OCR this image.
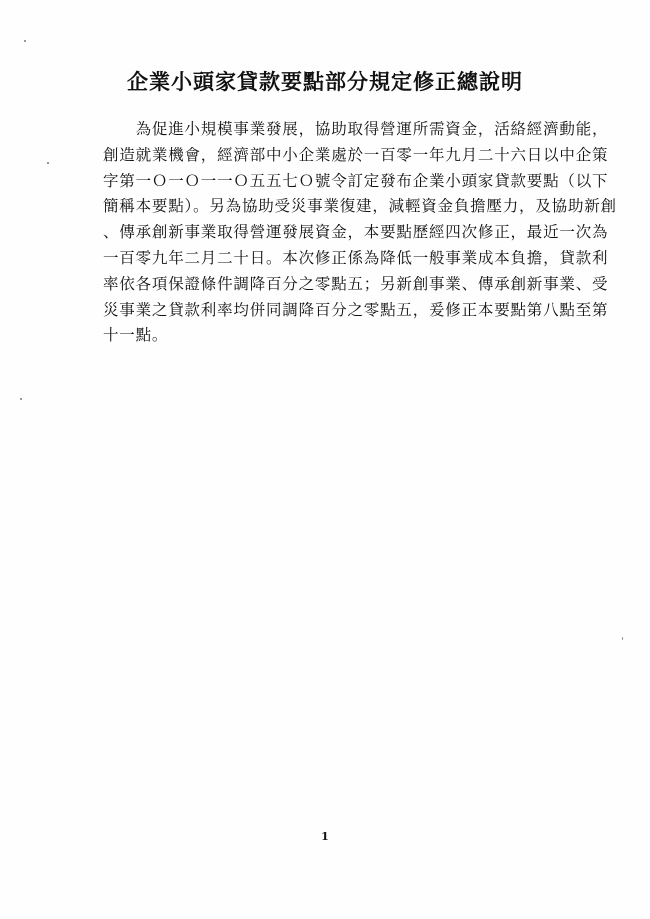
企業小頭家貸款要點部分規定修正總說明

　　為促進小規模事業發展，協助取得營運所需資金，活絡經濟動能，
創造就業機會，經濟部中小企業處於一百零一年九月二十六日以中企策
字第一Ｏ一Ｏ一一Ｏ五五七Ｏ號令訂定發布企業小頭家貸款要點（以下
簡稱本要點）。另為協助受災事業復建，減輕資金負擔壓力，及協助新創
、傳承創新事業取得營運發展資金，本要點歷經四次修正，最近一次為
一百零九年二月二十日。本次修正係為降低一般事業成本負擔，貸款利
率依各項保證條件調降百分之零點五；另新創事業、傳承創新事業、受
災事業之貸款利率均併同調降百分之零點五，爰修正本要點第八點至第
十一點。

1
